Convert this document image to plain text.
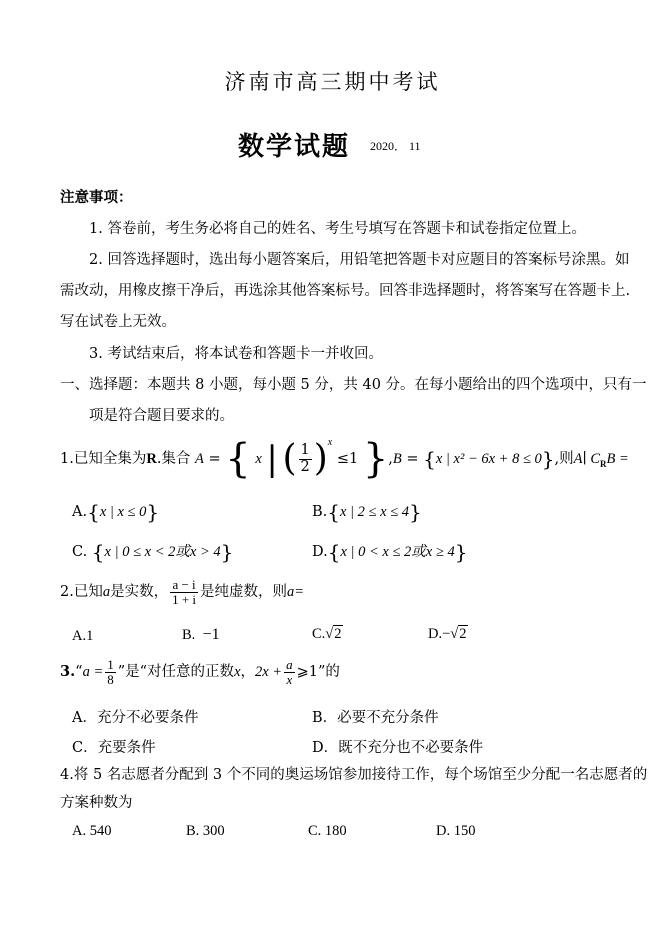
济南市高三期中考试
数学试题 2020． 11
注意事项：
1. 答卷前，考生务必将自己的姓名、考生号填写在答题卡和试卷指定位置上。
2. 回答选择题时，选出每小题答案后，用铅笔把答题卡对应题目的答案标号涂黑。如
需改动，用橡皮擦干净后，再选涂其他答案标号。回答非选择题时，将答案写在答题卡上.
写在试卷上无效。
3. 考试结束后，将本试卷和答题卡一并收回。
一、选择题：本题共 8 小题，每小题 5 分，共 40 分。在每小题给出的四个选项中，只有一
项是符合题目要求的。
1.已知全集为R.集合 A = { x | ( $\frac{1}{2} )^x \le 1$ },B = {x | x² − 6x + 8 ≤ 0},则A∣ $C_RB$ =
A.{x | x ≤ 0}	B.{x | 2 ≤ x ≤ 4}
C. {x | 0 ≤ x < 2或x > 4}	D.{x | 0 < x ≤ 2或x ≥ 4}
2.已知a是实数， $\frac{a - i}{1 + i}$ 是纯虚数，则a=
A.1	B. −1	C.√2	D.−√2
3.“a = $\frac{1}{8}$ ”是“对任意的正数x，$2x + \frac{a}{x}$ ⩾1”的
A．充分不必要条件	B．必要不充分条件
C．充要条件	D．既不充分也不必要条件
4.将 5 名志愿者分配到 3 个不同的奥运场馆参加接待工作，每个场馆至少分配一名志愿者的
方案种数为
A. 540	B. 300	C. 180	D. 150
